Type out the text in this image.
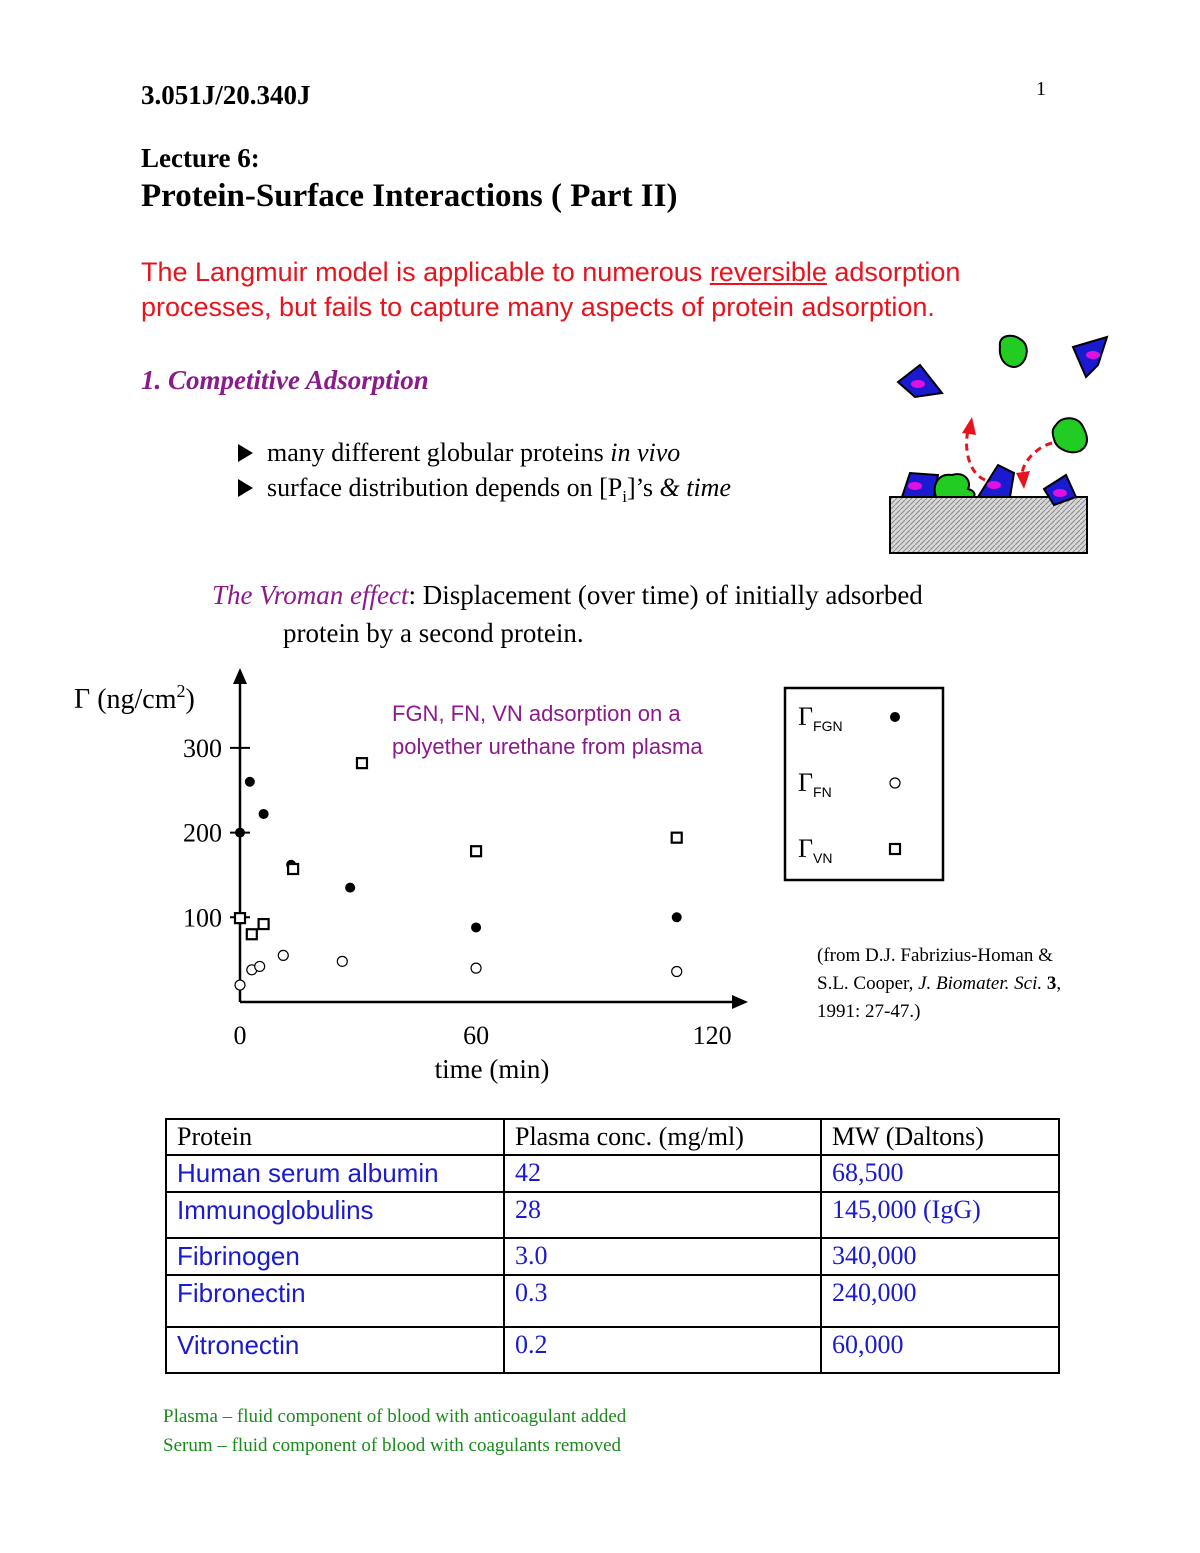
3.051J/20.340J	1
Lecture 6:
Protein-Surface Interactions ( Part II)
The Langmuir model is applicable to numerous reversible adsorption
processes, but fails to capture many aspects of protein adsorption.
1. Competitive Adsorption
many different globular proteins in vivo
surface distribution depends on $[P_i]’s$ & time
The Vroman effect: Displacement (over time) of initially adsorbed
protein by a second protein.
100
200
300
0	60	120
Γ $(ng/cm^2)$
time (min)
FGN, FN, VN adsorption on a polyether urethane from plasma
$\Gamma_{FGN}$
$\Gamma_{FN}$
$\Gamma_{VN}$
(from D.J. Fabrizius-Homan &
S.L. Cooper, J. Biomater. Sci. 3,
1991: 27-47.)
Protein	Plasma conc. (mg/ml)	MW (Daltons)
Human serum albumin	42	68,500
Immunoglobulins	28	145,000 (IgG)
Fibrinogen	3.0	340,000
Fibronectin	0.3	240,000
Vitronectin	0.2	60,000
Plasma – fluid component of blood with anticoagulant added
Serum – fluid component of blood with coagulants removed
